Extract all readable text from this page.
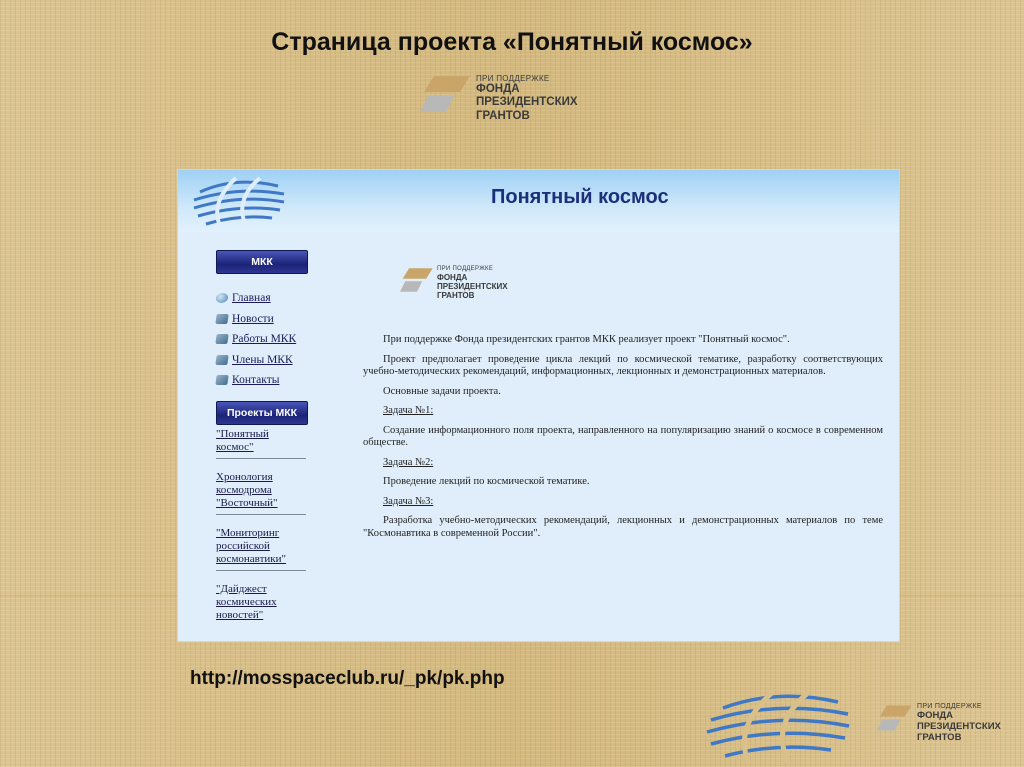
Страница проекта «Понятный космос»
ПРИ ПОДДЕРЖКЕ
ФОНДА
ПРЕЗИДЕНТСКИХ
ГРАНТОВ
Понятный космос
МКК
Главная
Новости
Работы МКК
Члены МКК
Контакты
Проекты МКК
"Понятный космос"
Хронология космодрома "Восточный"
"Мониторинг российской космонавтики"
"Дайджест космических новостей"
ПРИ ПОДДЕРЖКЕ
ФОНДА
ПРЕЗИДЕНТСКИХ
ГРАНТОВ

При поддержке Фонда президентских грантов МКК реализует проект "Понятный космос".

Проект предполагает проведение цикла лекций по космической тематике, разработку соответствующих учебно-методических рекомендаций, информационных, лекционных и демонстрационных материалов.

Основные задачи проекта.

Задача №1:

Создание информационного поля проекта, направленного на популяризацию знаний о космосе в современном обществе.

Задача №2:

Проведение лекций по космической тематике.

Задача №3:

Разработка учебно-методических рекомендаций, лекционных и демонстрационных материалов по теме "Космонавтика в современной России".

http://mosspaceclub.ru/_pk/pk.php
ПРИ ПОДДЕРЖКЕ
ФОНДА
ПРЕЗИДЕНТСКИХ
ГРАНТОВ
